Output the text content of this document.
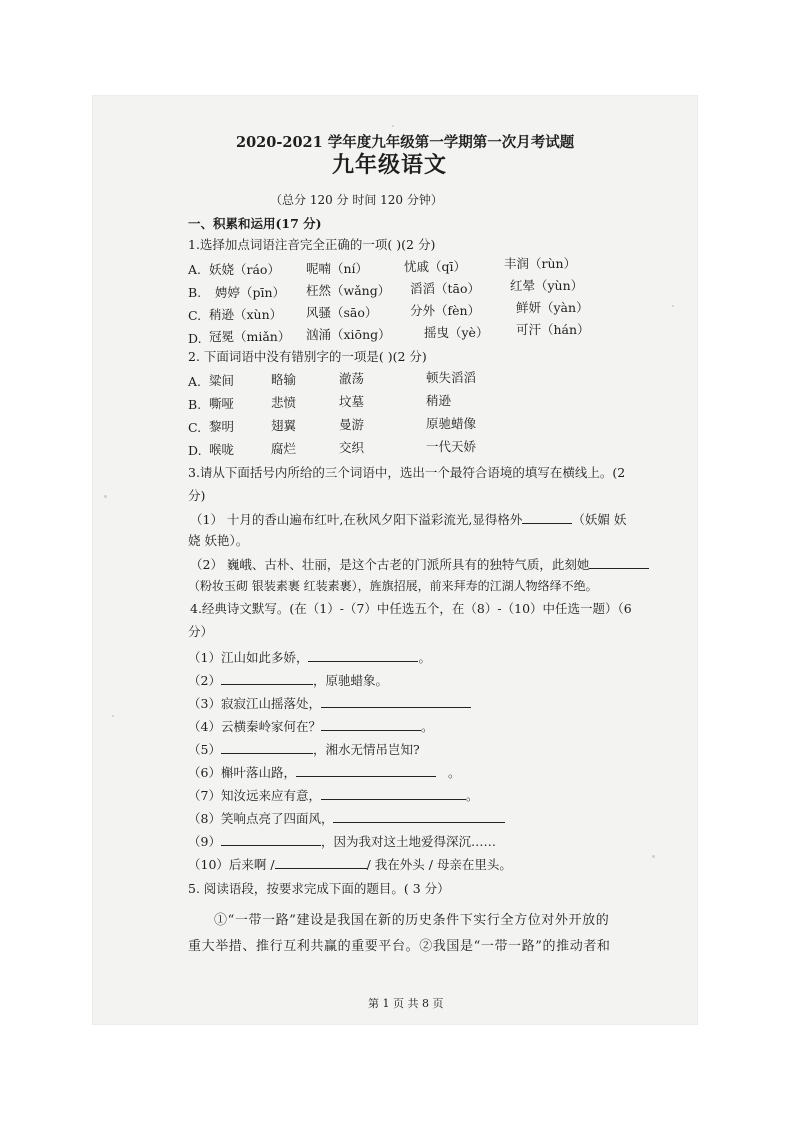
2020-2021 学年度九年级第一学期第一次月考试题
九年级语文
（总分 120 分 时间 120 分钟）
一、积累和运用(17 分)
1.选择加点词语注音完全正确的一项( )(2 分)
A. 妖娆（ráo） 呢喃（ní）	忧戚（qī）	丰润（rùn）
B. 娉婷（pīn） 枉然（wǎng） 滔滔（tāo） 红晕（yùn）
C. 稍逊（xùn） 风骚（sāo）	分外（fèn）	鲜妍（yàn）
D. 冠冕（miǎn） 汹涌（xiōng）	摇曳（yè） 可汗（hán）
2. 下面词语中没有错别字的一项是( )(2 分)
A. 粱间	略输	澈荡	顿失滔滔
B. 嘶哑	悲愤	坟墓	稍逊
C. 黎明	翅翼	曼游	原驰蜡像
D. 喉咙	腐烂	交织	一代天娇
3.请从下面括号内所给的三个词语中，选出一个最符合语境的填写在横线上。(2
分)
（1） 十月的香山遍布红叶,在秋风夕阳下溢彩流光,显得格外	（妖媚 妖
娆 妖艳）。
（2） 巍峨、古朴、壮丽，是这个古老的门派所具有的独特气质，此刻她
（粉妆玉砌 银装素裹 红装素裹），旌旗招展，前来拜寿的江湖人物络绎不绝。
4.经典诗文默写。(在（1）-（7）中任选五个，在（8）-（10）中任选一题）（6
分）
（1）江山如此多娇，	。
（2）	，原驰蜡象。
（3）寂寂江山摇落处，
（4）云横秦岭家何在？	。
（5）	，湘水无情吊岂知?
（6）槲叶落山路，	。
（7）知汝远来应有意，	。
（8）笑响点亮了四面风，
（9）	，因为我对这土地爱得深沉……
（10）后来啊 /	/ 我在外头 / 母亲在里头。
5. 阅读语段，按要求完成下面的题目。( 3 分）
①“一带一路”建设是我国在新的历史条件下实行全方位对外开放的
重大举措、推行互利共赢的重要平台。②我国是“一带一路”的推动者和
第 1 页 共 8 页
